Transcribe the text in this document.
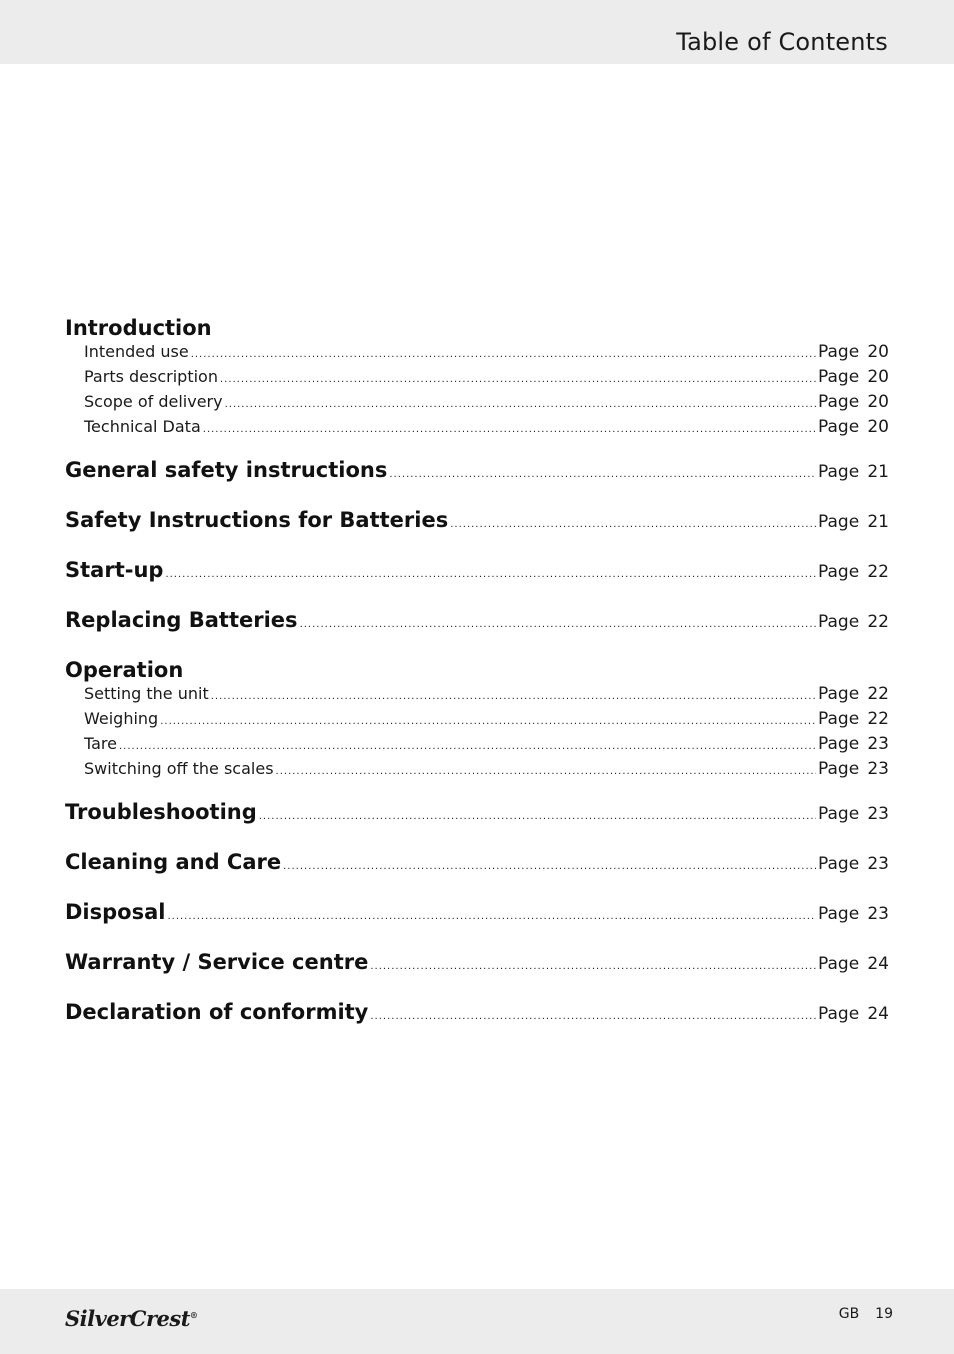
Table of Contents
Introduction
Intended use .....	Page 20
Parts description .....	Page 20
Scope of delivery .....	Page 20
Technical Data .....	Page 20
General safety instructions .....	Page 21
Safety Instructions for Batteries .....	Page 21
Start-up .....	Page 22
Replacing Batteries .....	Page 22
Operation
Setting the unit .....	Page 22
Weighing .....	Page 22
Tare .....	Page 23
Switching off the scales .....	Page 23
Troubleshooting .....	Page 23
Cleaning and Care .....	Page 23
Disposal .....	Page 23
Warranty / Service centre .....	Page 24
Declaration of conformity .....	Page 24
SilverCrest®	GB 19
